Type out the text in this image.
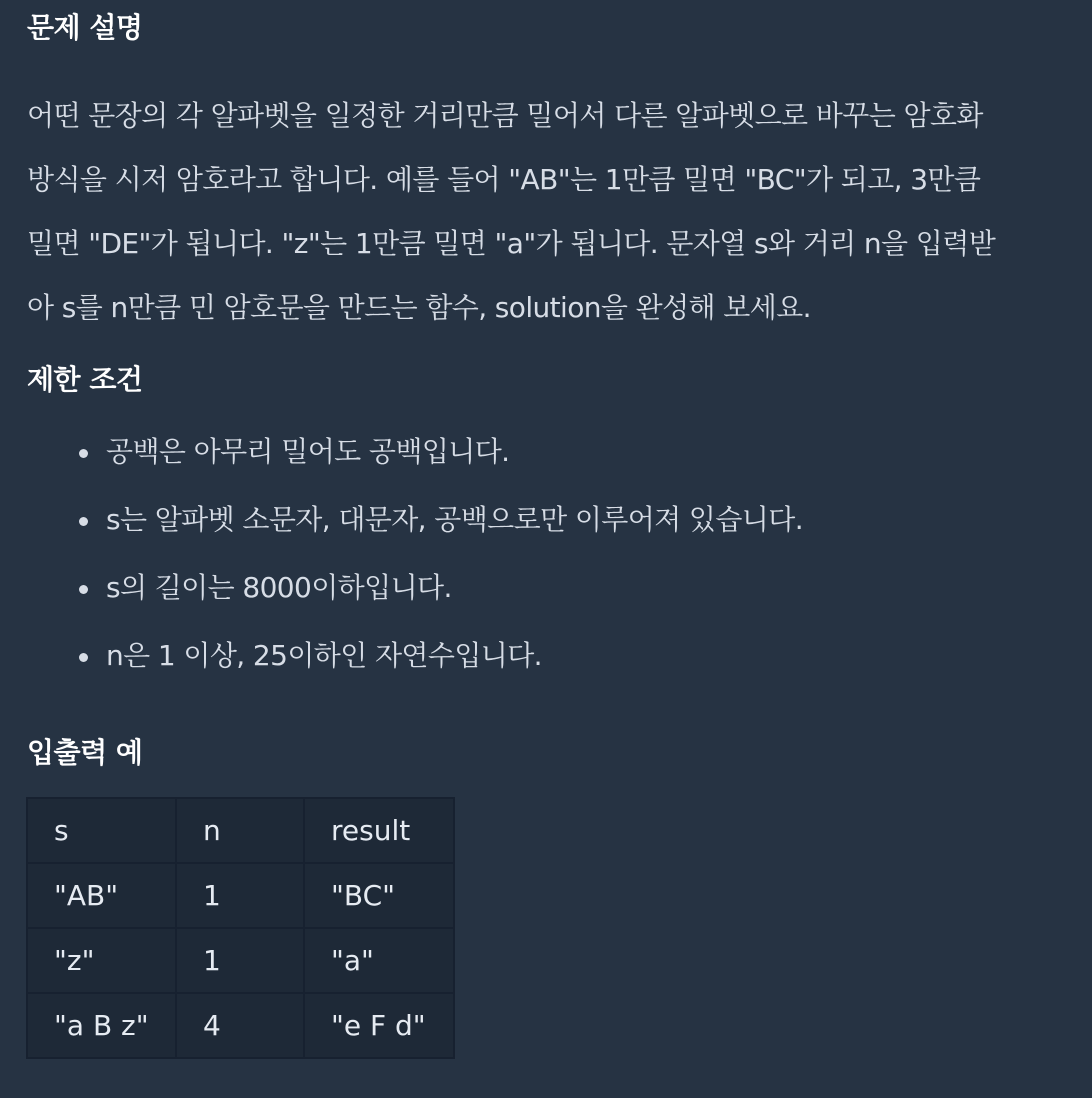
문제 설명
어떤 문장의 각 알파벳을 일정한 거리만큼 밀어서 다른 알파벳으로 바꾸는 암호화
방식을 시저 암호라고 합니다. 예를 들어 "AB"는 1만큼 밀면 "BC"가 되고, 3만큼
밀면 "DE"가 됩니다. "z"는 1만큼 밀면 "a"가 됩니다. 문자열 s와 거리 n을 입력받
아 s를 n만큼 민 암호문을 만드는 함수, solution을 완성해 보세요.
제한 조건
공백은 아무리 밀어도 공백입니다.
s는 알파벳 소문자, 대문자, 공백으로만 이루어져 있습니다.
s의 길이는 8000이하입니다.
n은 1 이상, 25이하인 자연수입니다.
입출력 예
s	n	result
"AB"	1	"BC"
"z"	1	"a"
"a B z"	4	"e F d"
